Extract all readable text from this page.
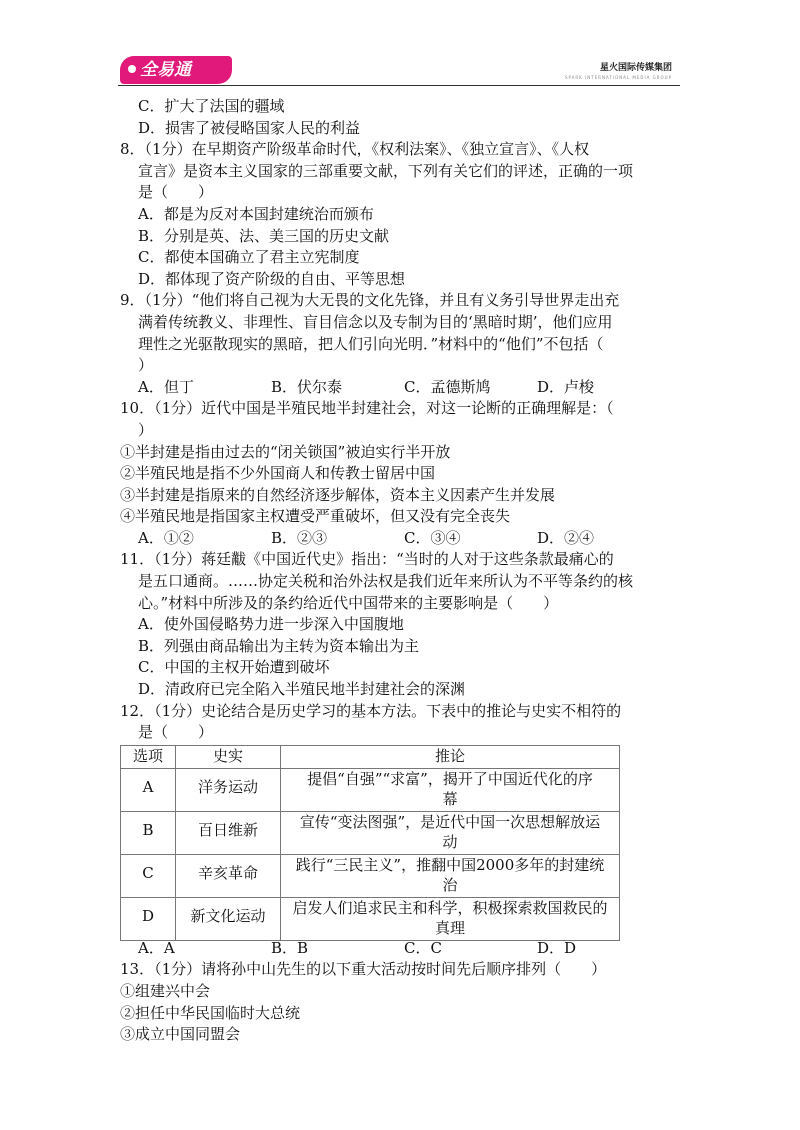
全易通	星火国际传媒集团
SPARK INTERNATIONAL MEDIA GROUP
C．扩大了法国的疆域
D．损害了被侵略国家人民的利益
8．（1分）在早期资产阶级革命时代，《权利法案》、《独立宣言》、《人权
宣言》是资本主义国家的三部重要文献，下列有关它们的评述，正确的一项
是（　　）
A．都是为反对本国封建统治而颁布
B．分别是英、法、美三国的历史文献
C．都使本国确立了君主立宪制度
D．都体现了资产阶级的自由、平等思想
9．（1分）“他们将自己视为大无畏的文化先锋，并且有义务引导世界走出充
满着传统教义、非理性、盲目信念以及专制为目的‘黑暗时期’，他们应用
理性之光驱散现实的黑暗，把人们引向光明．”材料中的“他们”不包括（
）
A．但丁	B．伏尔泰	C．孟德斯鸠	D．卢梭
10．（1分）近代中国是半殖民地半封建社会，对这一论断的正确理解是：（
）
①半封建是指由过去的“闭关锁国”被迫实行半开放
②半殖民地是指不少外国商人和传教士留居中国
③半封建是指原来的自然经济逐步解体，资本主义因素产生并发展
④半殖民地是指国家主权遭受严重破坏，但又没有完全丧失
A．①②	B．②③	C．③④	D．②④
11．（1分）蒋廷黻《中国近代史》指出：“当时的人对于这些条款最痛心的
是五口通商。……协定关税和治外法权是我们近年来所认为不平等条约的核
心。”材料中所涉及的条约给近代中国带来的主要影响是（　　）
A．使外国侵略势力进一步深入中国腹地
B．列强由商品输出为主转为资本输出为主
C．中国的主权开始遭到破坏
D．清政府已完全陷入半殖民地半封建社会的深渊
12．（1分）史论结合是历史学习的基本方法。下表中的推论与史实不相符的
是（　　）
选项	史实	推论
A	洋务运动	提倡“自强”“求富”，揭开了中国近代化的序
幕

B	百日维新	宣传“变法图强”，是近代中国一次思想解放运
动

C	辛亥革命	践行“三民主义”，推翻中国2000多年的封建统
治

D	新文化运动	启发人们追求民主和科学，积极探索救国救民的
真理
A．A	B．B	C．C	D．D
13．（1分）请将孙中山先生的以下重大活动按时间先后顺序排列（　　）
①组建兴中会
②担任中华民国临时大总统
③成立中国同盟会
